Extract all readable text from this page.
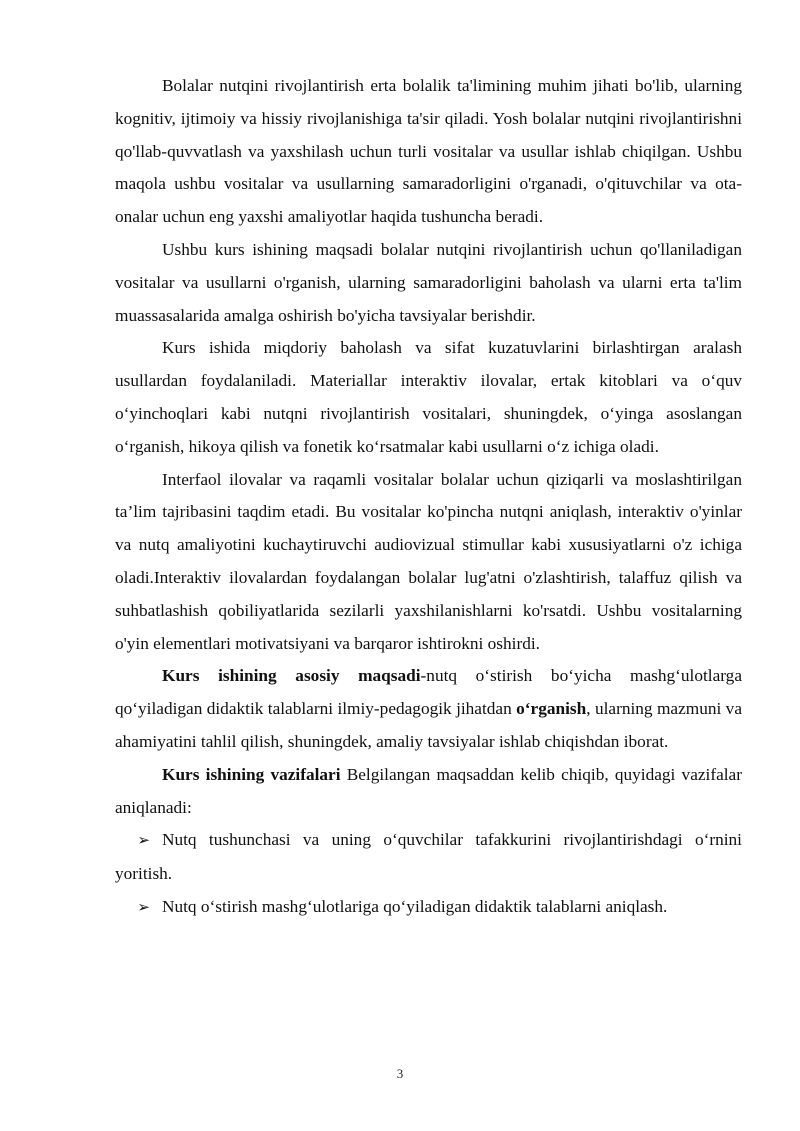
Bolalar nutqini rivojlantirish erta bolalik ta'limining muhim jihati bo'lib, ularning kognitiv, ijtimoiy va hissiy rivojlanishiga ta'sir qiladi. Yosh bolalar nutqini rivojlantirishni qo'llab-quvvatlash va yaxshilash uchun turli vositalar va usullar ishlab chiqilgan. Ushbu maqola ushbu vositalar va usullarning samaradorligini o'rganadi, o'qituvchilar va ota-onalar uchun eng yaxshi amaliyotlar haqida tushuncha beradi.

Ushbu kurs ishining maqsadi bolalar nutqini rivojlantirish uchun qo'llaniladigan vositalar va usullarni o'rganish, ularning samaradorligini baholash va ularni erta ta'lim muassasalarida amalga oshirish bo'yicha tavsiyalar berishdir.

Kurs ishida miqdoriy baholash va sifat kuzatuvlarini birlashtirgan aralash usullardan foydalaniladi. Materiallar interaktiv ilovalar, ertak kitoblari va o‘quv o‘yinchoqlari kabi nutqni rivojlantirish vositalari, shuningdek, o‘yinga asoslangan o‘rganish, hikoya qilish va fonetik ko‘rsatmalar kabi usullarni o‘z ichiga oladi.

Interfaol ilovalar va raqamli vositalar bolalar uchun qiziqarli va moslashtirilgan ta’lim tajribasini taqdim etadi. Bu vositalar ko'pincha nutqni aniqlash, interaktiv o'yinlar va nutq amaliyotini kuchaytiruvchi audiovizual stimullar kabi xususiyatlarni o'z ichiga oladi.Interaktiv ilovalardan foydalangan bolalar lug'atni o'zlashtirish, talaffuz qilish va suhbatlashish qobiliyatlarida sezilarli yaxshilanishlarni ko'rsatdi. Ushbu vositalarning o'yin elementlari motivatsiyani va barqaror ishtirokni oshirdi.

Kurs ishining asosiy maqsadi-nutq o‘stirish bo‘yicha mashg‘ulotlarga qo‘yiladigan didaktik talablarni ilmiy-pedagogik jihatdan o‘rganish, ularning mazmuni va ahamiyatini tahlil qilish, shuningdek, amaliy tavsiyalar ishlab chiqishdan iborat.

Kurs ishining vazifalari Belgilangan maqsaddan kelib chiqib, quyidagi vazifalar aniqlanadi:

➢ Nutq tushunchasi va uning o‘quvchilar tafakkurini rivojlantirishdagi o‘rnini yoritish.

➢ Nutq o‘stirish mashg‘ulotlariga qo‘yiladigan didaktik talablarni aniqlash.

3
